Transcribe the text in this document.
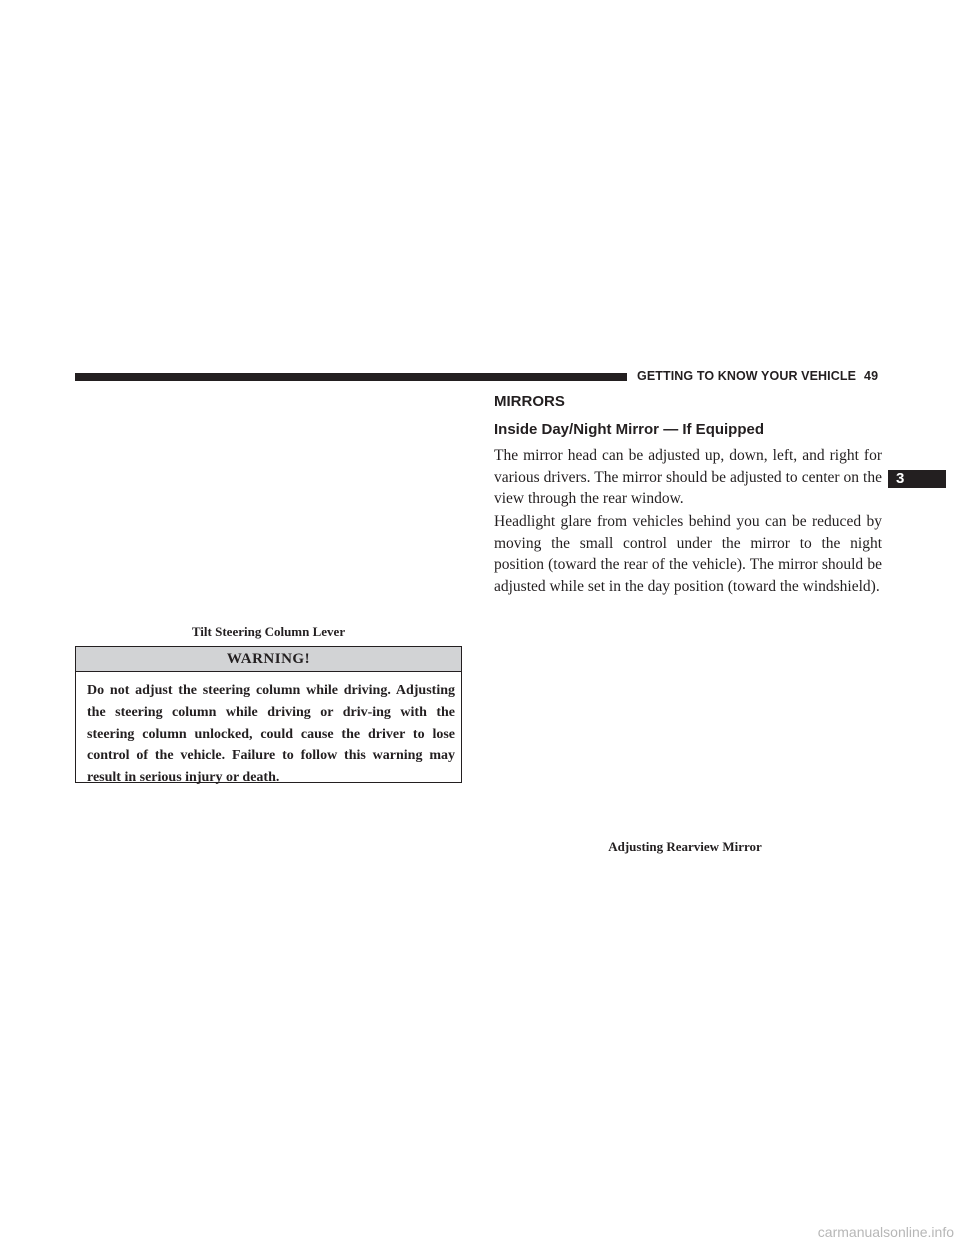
GETTING TO KNOW YOUR VEHICLE 49
3
Tilt Steering Column Lever
WARNING!
Do not adjust the steering column while driving. Adjusting the steering column while driving or driv-ing with the steering column unlocked, could cause the driver to lose control of the vehicle. Failure to follow this warning may result in serious injury or death.
MIRRORS
Inside Day/Night Mirror — If Equipped

The mirror head can be adjusted up, down, left, and right for various drivers. The mirror should be adjusted to center on the view through the rear window.

Headlight glare from vehicles behind you can be reduced by moving the small control under the mirror to the night position (toward the rear of the vehicle). The mirror should be adjusted while set in the day position (toward the windshield).

Adjusting Rearview Mirror
carmanualsonline.info
